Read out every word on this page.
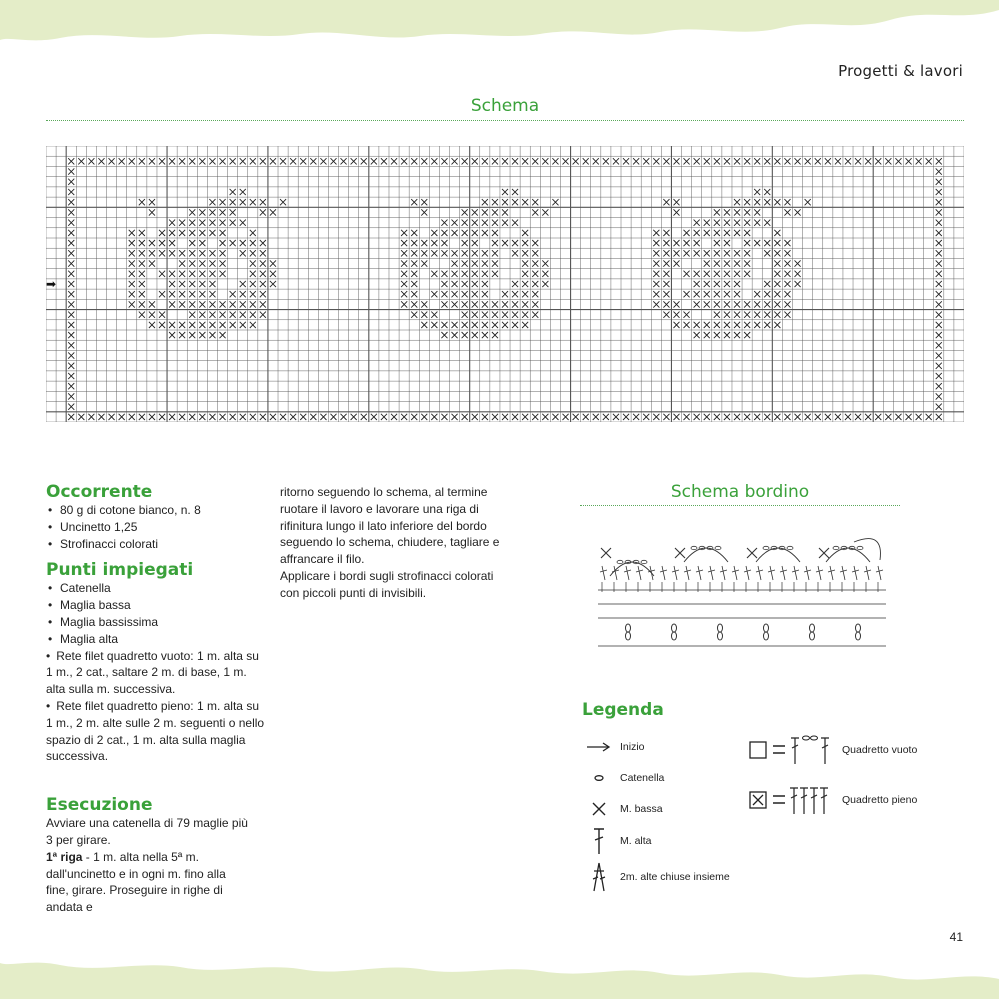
Progetti & lavori
Schema
➡

Occorrente

• 80 g di cotone bianco, n. 8
• Uncinetto 1,25
• Strofinacci colorati

Punti impiegati

• Catenella
• Maglia bassa
• Maglia bassissima
• Maglia alta
• Rete filet quadretto vuoto: 1 m. alta su 1 m., 2 cat., saltare 2 m. di base, 1 m. alta sulla m. successiva.
• Rete filet quadretto pieno: 1 m. alta su 1 m., 2 m. alte sulle 2 m. seguenti o nello spazio di 2 cat., 1 m. alta sulla maglia successiva.

Esecuzione

Avviare una catenella di 79 maglie più 3 per girare.

1ª riga - 1 m. alta nella 5ª m. dall'uncinetto e in ogni m. fino alla fine, girare. Proseguire in righe di andata e

ritorno seguendo lo schema, al termine ruotare il lavoro e lavorare una riga di rifinitura lungo il lato inferiore del bordo seguendo lo schema, chiudere, tagliare e affrancare il filo.

Applicare i bordi sugli strofinacci colorati con piccoli punti di invisibili.

Schema bordino
Legenda
Inizio
Catenella
M. bassa
M. alta
2m. alte chiuse insieme
Quadretto vuoto
Quadretto pieno
41
